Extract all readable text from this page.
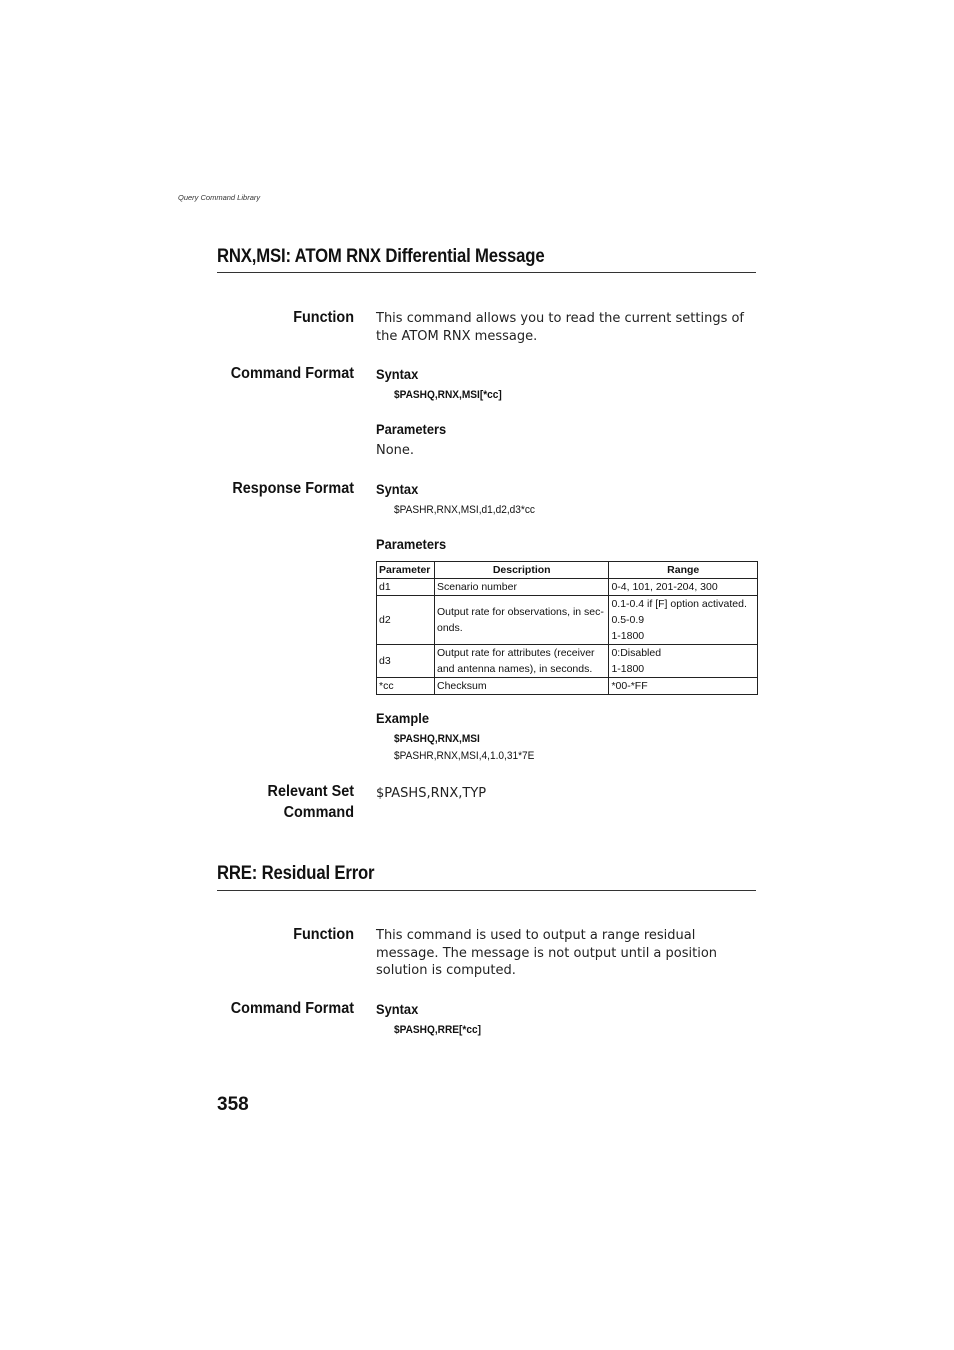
Query Command Library
RNX,MSI: ATOM RNX Differential Message
Function This command allows you to read the current settings of the ATOM RNX message.
Command Format Syntax
$PASHQ,RNX,MSI[*cc]
Parameters
None.
Response Format Syntax
$PASHR,RNX,MSI,d1,d2,d3*cc
Parameters
Parameter	Description	Range
d1	Scenario number	0-4, 101, 201-204, 300

d2	Output rate for observations, in sec-onds.	0.1-0.4 if [F] option activated.
0.5-0.9
1-1800

d3	Output rate for attributes (receiver and antenna names), in seconds.	0:Disabled
1-1800

*cc	Checksum	*00-*FF
Example
$PASHQ,RNX,MSI
$PASHR,RNX,MSI,4,1.0,31*7E
Relevant Set
Command
$PASHS,RNX,TYP
RRE: Residual Error
Function This command is used to output a range residual message. The message is not output until a position solution is computed.
Command Format Syntax
$PASHQ,RRE[*cc]
358
